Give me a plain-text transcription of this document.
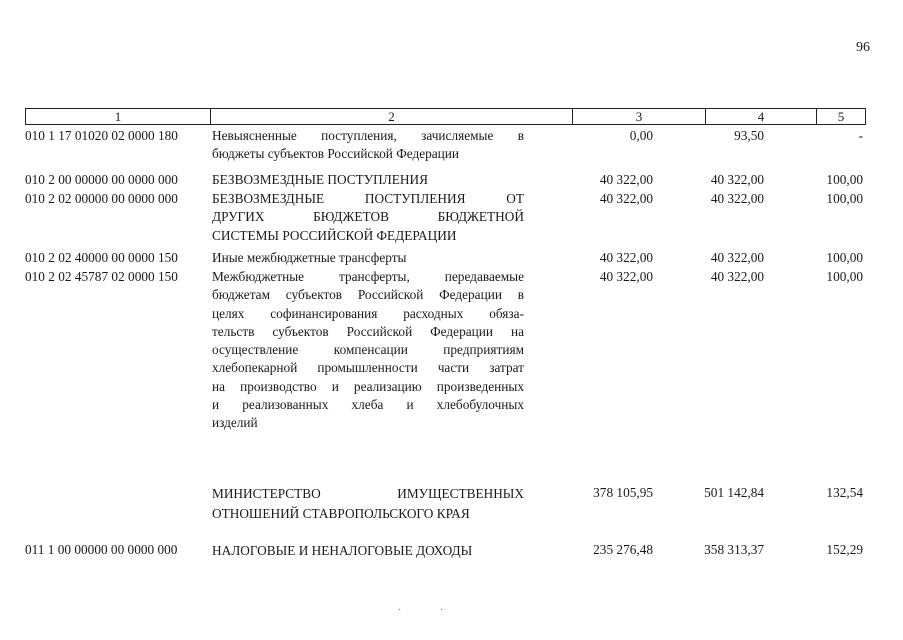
96
1	2	3	4	5
010 1 17 01020 02 0000 180	Невыясненные поступления, зачисляемые в
бюджеты субъектов Российской Федерации
0,00	93,50	-
010 2 00 00000 00 0000 000	БЕЗВОЗМЕЗДНЫЕ ПОСТУПЛЕНИЯ	40 322,00	40 322,00	100,00
010 2 02 00000 00 0000 000	БЕЗВОЗМЕЗДНЫЕ ПОСТУПЛЕНИЯ ОТ
ДРУГИХ БЮДЖЕТОВ БЮДЖЕТНОЙ
СИСТЕМЫ РОССИЙСКОЙ ФЕДЕРАЦИИ
40 322,00	40 322,00	100,00
010 2 02 40000 00 0000 150	Иные межбюджетные трансферты	40 322,00	40 322,00	100,00
010 2 02 45787 02 0000 150	Межбюджетные трансферты, передаваемые
бюджетам субъектов Российской Федерации в
целях софинансирования расходных обяза-
тельств субъектов Российской Федерации на
осуществление компенсации предприятиям
хлебопекарной промышленности части затрат
на производство и реализацию произведенных
и реализованных хлеба и хлебобулочных
изделий
40 322,00	40 322,00	100,00
МИНИСТЕРСТВО ИМУЩЕСТВЕННЫХ
ОТНОШЕНИЙ СТАВРОПОЛЬСКОГО КРАЯ
378 105,95	501 142,84	132,54
011 1 00 00000 00 0000 000	НАЛОГОВЫЕ И НЕНАЛОГОВЫЕ ДОХОДЫ	235 276,48	358 313,37	152,29
· ·
